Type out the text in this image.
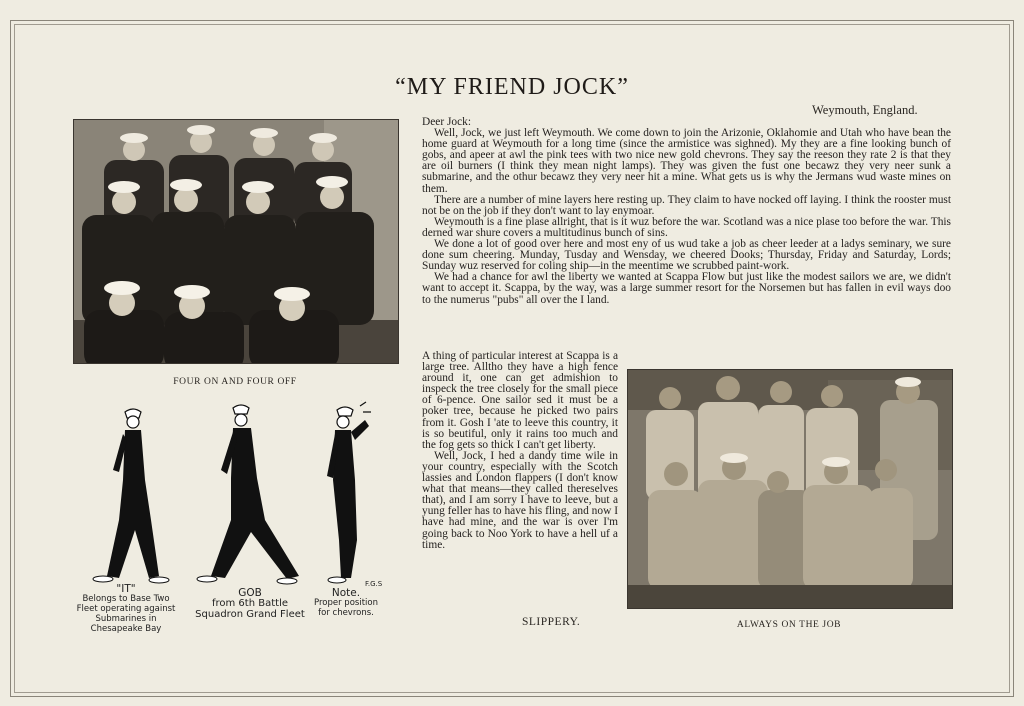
“MY FRIEND JOCK”
Weymouth, England.
FOUR ON AND FOUR OFF
F.G.S
"IT"
Belongs to Base Two Fleet operating against Submarines in Chesapeake Bay
GOB
from 6th Battle Squadron Grand Fleet
Note.
Proper position for chevrons.

Deer Jock:

Well, Jock, we just left Weymouth. We come down to join the Arizonie, Oklahomie and Utah who have bean the home guard at Weymouth for a long time (since the armistice was sighned). My they are a fine looking bunch of gobs, and apeer at awl the pink tees with two nice new gold chevrons. They say the reeson they rate 2 is that they are oil burners (I think they mean night lamps). They was given the fust one becawz they very neer sunk a submarine, and the othur becawz they very neer hit a mine. What gets us is why the Jermans wud waste mines on them.

There are a number of mine layers here resting up. They claim to have nocked off laying. I think the rooster must not be on the job if they don't want to lay enymoar.

Weymouth is a fine plase allright, that is it wuz before the war. Scotland was a nice plase too before the war. This derned war shure covers a multitudinus bunch of sins.

We done a lot of good over here and most eny of us wud take a job as cheer leeder at a ladys seminary, we sure done sum cheering. Munday, Tusday and Wensday, we cheered Dooks; Thursday, Friday and Saturday, Lords; Sunday wuz reserved for coling ship—in the meentime we scrubbed paint-work.

We had a chance for awl the liberty we wanted at Scappa Flow but just like the modest sailors we are, we didn't want to accept it. Scappa, by the way, was a large summer resort for the Norsemen but has fallen in evil ways doo to the numerus "pubs" all over the I land.

A thing of particular interest at Scappa is a large tree. Alltho they have a high fence around it, one can get admishion to inspeck the tree closely for the small piece of 6-pence. One sailor sed it must be a poker tree, because he picked two pairs from it. Gosh I 'ate to leeve this country, it is so beutiful, only it rains too much and the fog gets so thick I can't get liberty.

Well, Jock, I hed a dandy time wile in your country, especially with the Scotch lassies and London flappers (I don't know what that means—they called thereselves that), and I am sorry I have to leeve, but a yung feller has to have his fling, and now I have had mine, and the war is over I'm going back to Noo York to have a hell uf a time.

SLIPPERY.	ALWAYS ON THE JOB
